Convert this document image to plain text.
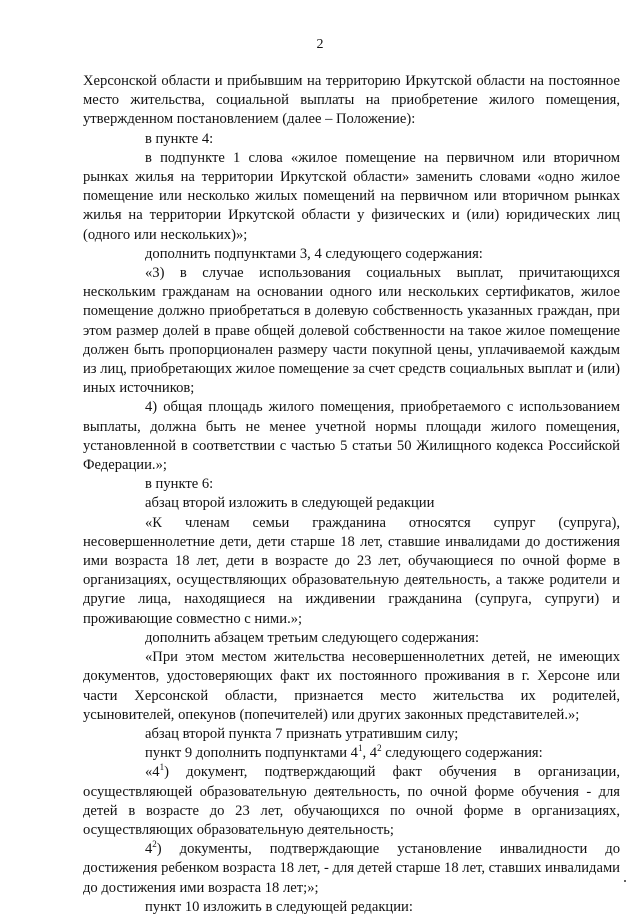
2

Херсонской области и прибывшим на территорию Иркутской области на постоянное место жительства, социальной выплаты на приобретение жилого помещения, утвержденном постановлением (далее – Положение):

в пункте 4:

в подпункте 1 слова «жилое помещение на первичном или вторичном рынках жилья на территории Иркутской области» заменить словами «одно жилое помещение или несколько жилых помещений на первичном или вторичном рынках жилья на территории Иркутской области у физических и (или) юридических лиц (одного или нескольких)»;

дополнить подпунктами 3, 4 следующего содержания:

«3) в случае использования социальных выплат, причитающихся нескольким гражданам на основании одного или нескольких сертификатов, жилое помещение должно приобретаться в долевую собственность указанных граждан, при этом размер долей в праве общей долевой собственности на такое жилое помещение должен быть пропорционален размеру части покупной цены, уплачиваемой каждым из лиц, приобретающих жилое помещение за счет средств социальных выплат и (или) иных источников;

4) общая площадь жилого помещения, приобретаемого с использованием выплаты, должна быть не менее учетной нормы площади жилого помещения, установленной в соответствии с частью 5 статьи 50 Жилищного кодекса Российской Федерации.»;

в пункте 6:

абзац второй изложить в следующей редакции

«К членам семьи гражданина относятся супруг (супруга), несовершеннолетние дети, дети старше 18 лет, ставшие инвалидами до достижения ими возраста 18 лет, дети в возрасте до 23 лет, обучающиеся по очной форме в организациях, осуществляющих образовательную деятельность, а также родители и другие лица, находящиеся на иждивении гражданина (супруга, супруги) и проживающие совместно с ними.»;

дополнить абзацем третьим следующего содержания:

«При этом местом жительства несовершеннолетних детей, не имеющих документов, удостоверяющих факт их постоянного проживания в г. Херсоне или части Херсонской области, признается место жительства их родителей, усыновителей, опекунов (попечителей) или других законных представителей.»;

абзац второй пункта 7 признать утратившим силу;

пункт 9 дополнить подпунктами $4^1$, $4^2$ следующего содержания:

«$4^1$) документ, подтверждающий факт обучения в организации, осуществляющей образовательную деятельность, по очной форме обучения - для детей в возрасте до 23 лет, обучающихся по очной форме в организациях, осуществляющих образовательную деятельность;

$4^2$) документы, подтверждающие установление инвалидности до достижения ребенком возраста 18 лет, - для детей старше 18 лет, ставших инвалидами до достижения ими возраста 18 лет;»;

пункт 10 изложить в следующей редакции:
